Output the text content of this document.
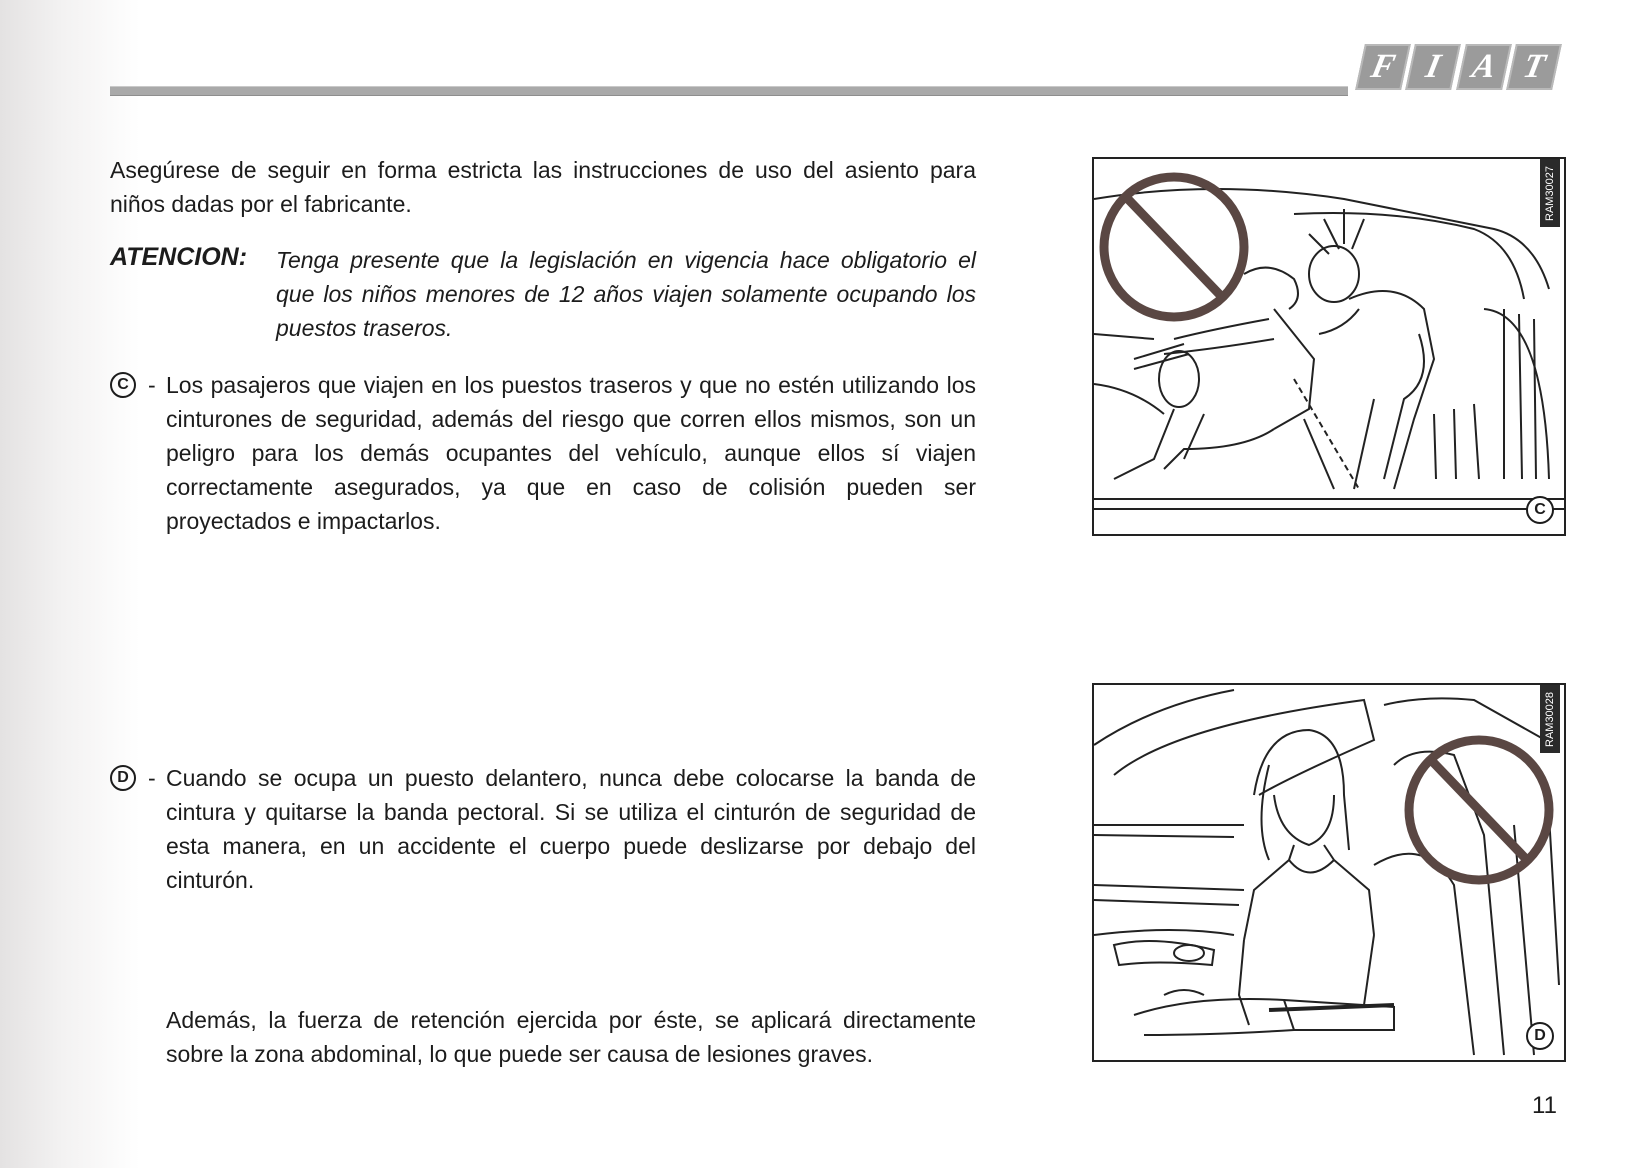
F I A T
Asegúrese de seguir en forma estricta las instrucciones de uso del asiento para niños dadas por el fabricante.
ATENCION: Tenga presente que la legislación en vigencia hace obligatorio el que los niños menores de 12 años viajen solamente ocupando los puestos traseros.
C - Los pasajeros que viajen en los puestos traseros y que no estén utilizando los cinturones de seguridad, además del riesgo que corren ellos mismos, son un peligro para los demás ocupantes del vehículo, aunque ellos sí viajen correctamente asegurados, ya que en caso de colisión pueden ser proyectados e impactarlos.
D - Cuando se ocupa un puesto delantero, nunca debe colocarse la banda de cintura y quitarse la banda pectoral. Si se utiliza el cinturón de seguridad de esta manera, en un accidente el cuerpo puede deslizarse por debajo del cinturón.
Además, la fuerza de retención ejercida por éste, se aplicará directamente sobre la zona abdominal, lo que puede ser causa de lesiones graves.
RAM30027
C
RAM30028
D
11
